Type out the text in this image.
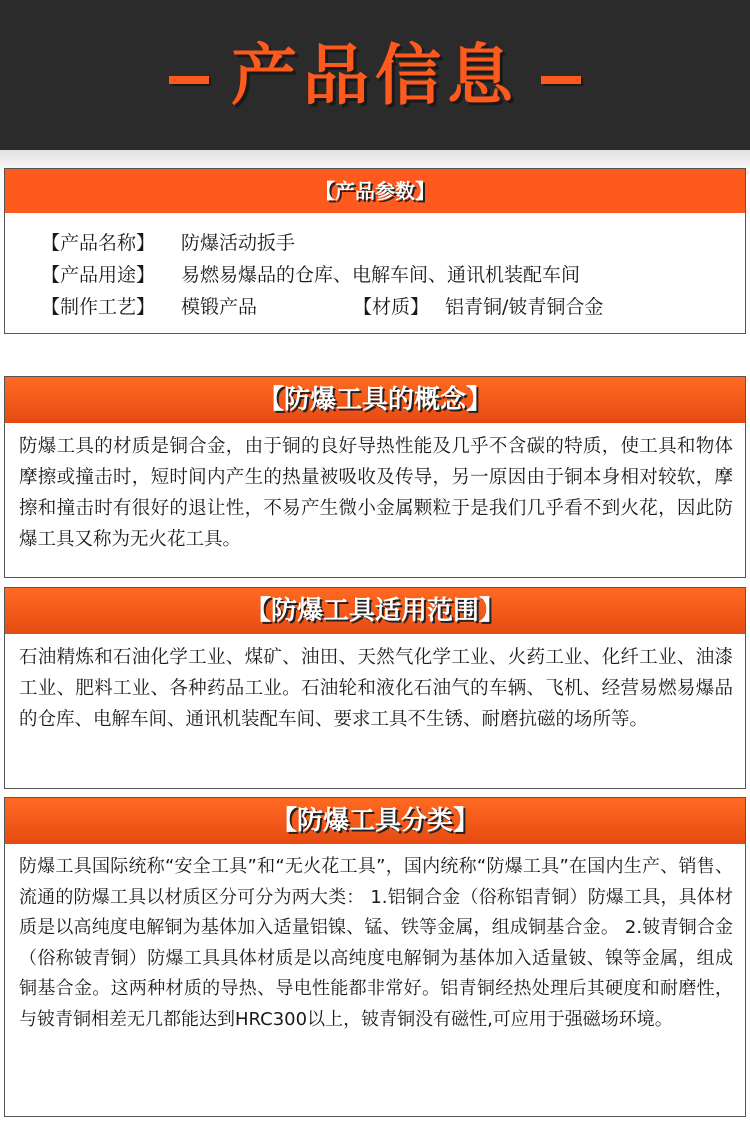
产品信息
【产品参数】
【产品名称】 防爆活动扳手
【产品用途】 易燃易爆品的仓库、电解车间、通讯机装配车间
【制作工艺】 模锻产品	【材质】 铝青铜/铍青铜合金
【防爆工具的概念】
防爆工具的材质是铜合金，由于铜的良好导热性能及几乎不含碳的特质，使工具和物体摩擦或撞击时，短时间内产生的热量被吸收及传导，另一原因由于铜本身相对较软，摩擦和撞击时有很好的退让性，不易产生微小金属颗粒于是我们几乎看不到火花，因此防爆工具又称为无火花工具。
【防爆工具适用范围】
石油精炼和石油化学工业、煤矿、油田、天然气化学工业、火药工业、化纤工业、油漆工业、肥料工业、各种药品工业。石油轮和液化石油气的车辆、飞机、经营易燃易爆品的仓库、电解车间、通讯机装配车间、要求工具不生锈、耐磨抗磁的场所等。
【防爆工具分类】
防爆工具国际统称“安全工具”和“无火花工具”，国内统称“防爆工具”在国内生产、销售、流通的防爆工具以材质区分可分为两大类： 1.铝铜合金（俗称铝青铜）防爆工具，具体材质是以高纯度电解铜为基体加入适量铝镍、锰、铁等金属，组成铜基合金。 2.铍青铜合金（俗称铍青铜）防爆工具具体材质是以高纯度电解铜为基体加入适量铍、镍等金属，组成铜基合金。这两种材质的导热、导电性能都非常好。铝青铜经热处理后其硬度和耐磨性，与铍青铜相差无几都能达到HRC300以上，铍青铜没有磁性,可应用于强磁场环境。
